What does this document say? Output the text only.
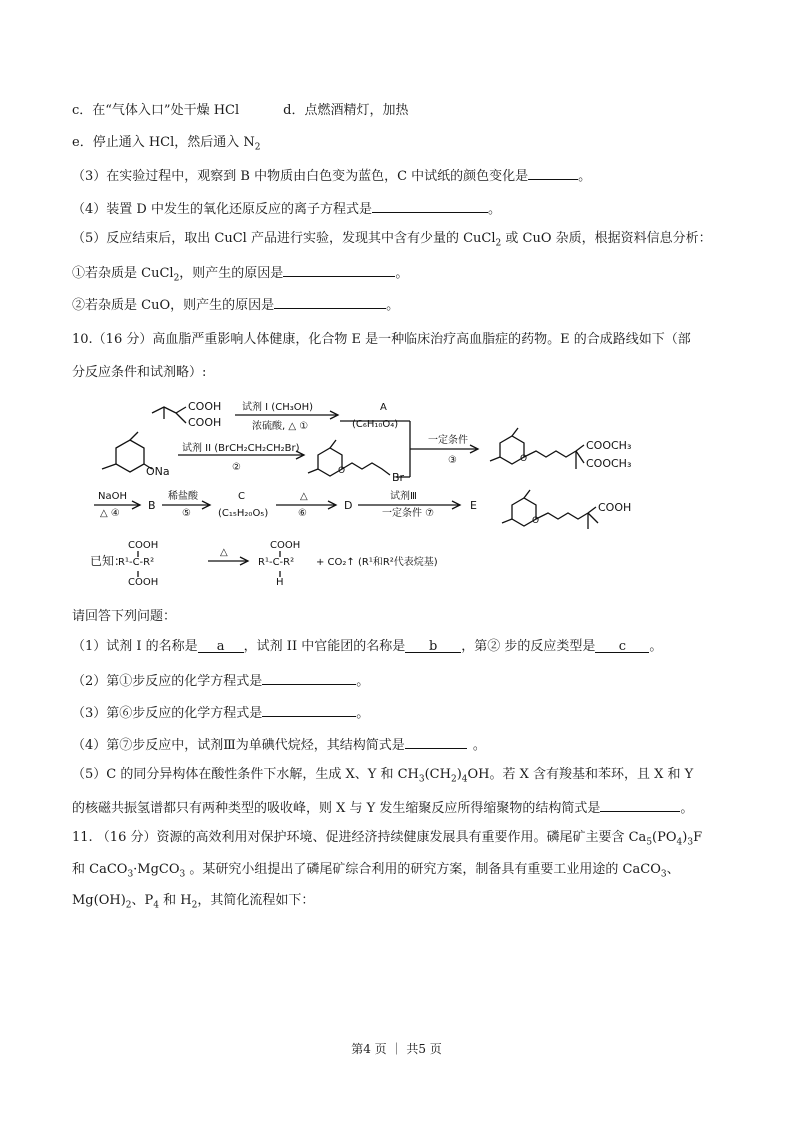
c．在“气体入口”处干燥 HCl	d．点燃酒精灯，加热
e．停止通入 HCl，然后通入 $N_2$
（3）在实验过程中，观察到 B 中物质由白色变为蓝色，C 中试纸的颜色变化是	。
（4）装置 D 中发生的氧化还原反应的离子方程式是	。
（5）反应结束后，取出 CuCl 产品进行实验，发现其中含有少量的 CuCl$_2$ 或 CuO 杂质，根据资料信息分析：
①若杂质是 CuCl$_2$，则产生的原因是	。
②若杂质是 CuO，则产生的原因是	。
10.（16 分）高血脂严重影响人体健康，化合物 E 是一种临床治疗高血脂症的药物。E 的合成路线如下（部
分反应条件和试剂略）:
COOH
COOH
试剂 I (CH₃OH)
浓硫酸, △ ①
A
(C₆H₁₀O₄)
ONa
试剂 II (BrCH₂CH₂CH₂Br)
②
Br
O
一定条件
③	O
COOCH₃
COOCH₃
NaOH
△ ④
B
稀盐酸
⑤
C
(C₁₅H₂₀O₅)
△
⑥
D
试剂Ⅲ
一定条件 ⑦
E
O
COOH
已知：
COOH
R¹-C-R²
COOH
△
COOH
R¹-C-R²
H
+ CO₂↑ (R¹和R²代表烷基)
请回答下列问题：
（1）试剂 I 的名称是 a ，试剂 II 中官能团的名称是 b ，第② 步的反应类型是 c 。
（2）第①步反应的化学方程式是	。
（3）第⑥步反应的化学方程式是	。
（4）第⑦步反应中，试剂Ⅲ为单碘代烷烃，其结构简式是	。
（5）C 的同分异构体在酸性条件下水解，生成 X、Y 和 $CH_3(CH_2)_4OH$。若 X 含有羧基和苯环，且 X 和 Y
的核磁共振氢谱都只有两种类型的吸收峰，则 X 与 Y 发生缩聚反应所得缩聚物的结构简式是	。
11. （16 分）资源的高效利用对保护环境、促进经济持续健康发展具有重要作用。磷尾矿主要含 $Ca_5(PO_4)_3F$
和 CaCO$_3$·MgCO$_3$ 。某研究小组提出了磷尾矿综合利用的研究方案，制备具有重要工业用途的 CaCO$_3$、
$Mg(OH)_2$、$P_4$ 和 $H_2$，其简化流程如下：
第4 页 ｜ 共5 页
